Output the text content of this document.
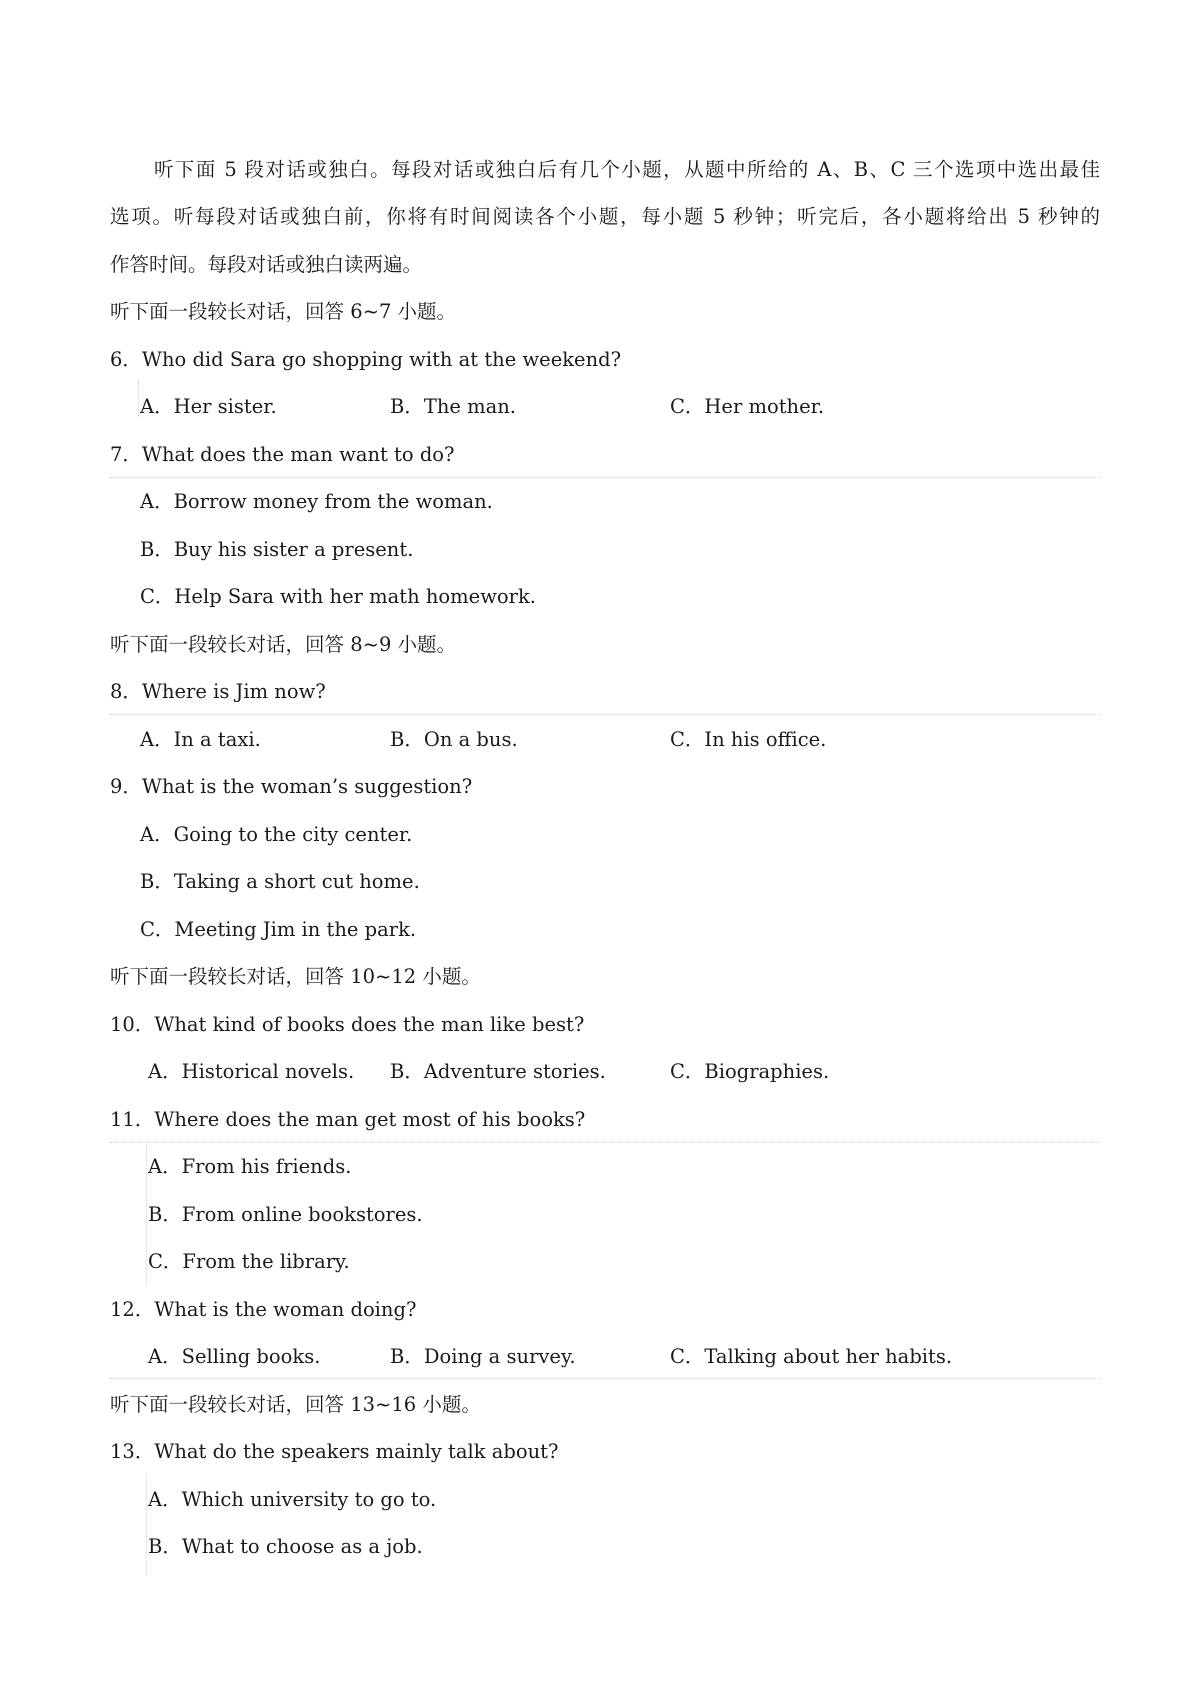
听下面 5 段对话或独白。每段对话或独白后有几个小题，从题中所给的 A、B、C 三个选项中选出最佳
选项。听每段对话或独白前，你将有时间阅读各个小题，每小题 5 秒钟；听完后，各小题将给出 5 秒钟的
作答时间。每段对话或独白读两遍。
听下面一段较长对话，回答 6~7 小题。
6．Who did Sara go shopping with at the weekend?
A．Her sister.	B．The man.	C．Her mother.
7．What does the man want to do?
A．Borrow money from the woman.
B．Buy his sister a present.
C．Help Sara with her math homework.
听下面一段较长对话，回答 8~9 小题。
8．Where is Jim now?
A．In a taxi.	B．On a bus.	C．In his office.
9．What is the woman’s suggestion?
A．Going to the city center.
B．Taking a short cut home.
C．Meeting Jim in the park.
听下面一段较长对话，回答 10~12 小题。
10．What kind of books does the man like best?
A．Historical novels. B．Adventure stories.	C．Biographies.
11．Where does the man get most of his books?
A．From his friends.
B．From online bookstores.
C．From the library.
12．What is the woman doing?
A．Selling books.	B．Doing a survey.	C．Talking about her habits.
听下面一段较长对话，回答 13~16 小题。
13．What do the speakers mainly talk about?
A．Which university to go to.
B．What to choose as a job.
